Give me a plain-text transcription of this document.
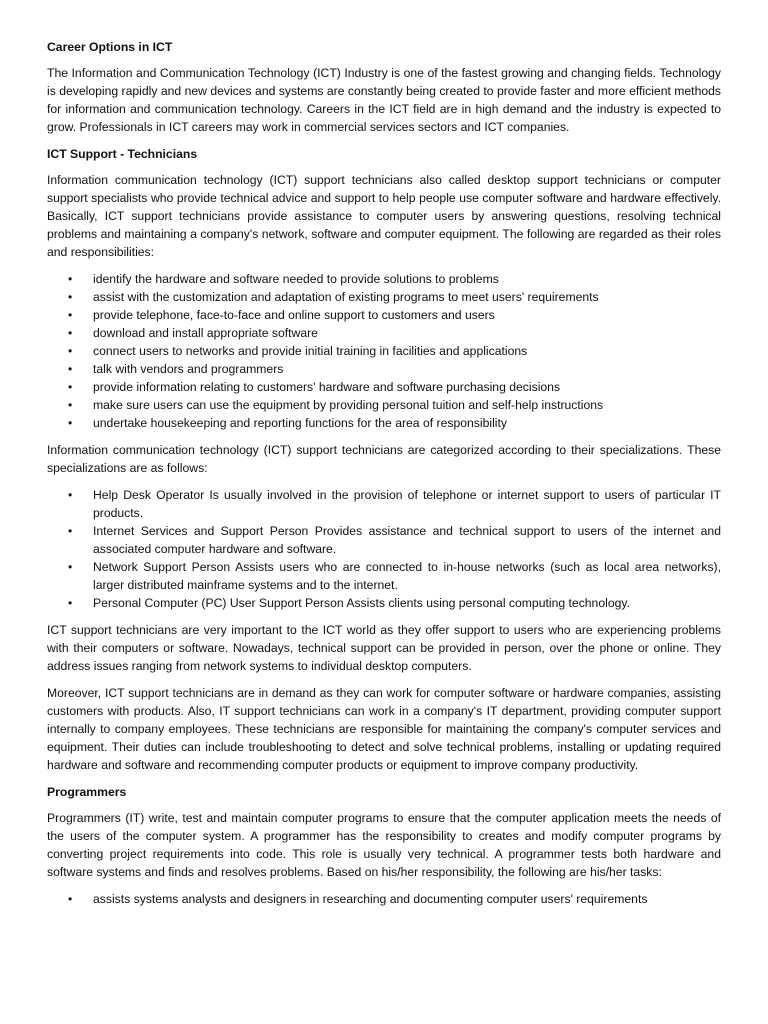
Career Options in ICT

The Information and Communication Technology (ICT) Industry is one of the fastest growing and changing fields. Technology is developing rapidly and new devices and systems are constantly being created to provide faster and more efficient methods for information and communication technology. Careers in the ICT field are in high demand and the industry is expected to grow. Professionals in ICT careers may work in commercial services sectors and ICT companies.

ICT Support - Technicians

Information communication technology (ICT) support technicians also called desktop support technicians or computer support specialists who provide technical advice and support to help people use computer software and hardware effectively. Basically, ICT support technicians provide assistance to computer users by answering questions, resolving technical problems and maintaining a company's network, software and computer equipment. The following are regarded as their roles and responsibilities:

• identify the hardware and software needed to provide solutions to problems
• assist with the customization and adaptation of existing programs to meet users' requirements
• provide telephone, face-to-face and online support to customers and users
• download and install appropriate software
• connect users to networks and provide initial training in facilities and applications
• talk with vendors and programmers
• provide information relating to customers' hardware and software purchasing decisions
• make sure users can use the equipment by providing personal tuition and self-help instructions
• undertake housekeeping and reporting functions for the area of responsibility

Information communication technology (ICT) support technicians are categorized according to their specializations. These specializations are as follows:

• Help Desk Operator Is usually involved in the provision of telephone or internet support to users of particular IT products.
• Internet Services and Support Person Provides assistance and technical support to users of the internet and associated computer hardware and software.
• Network Support Person Assists users who are connected to in-house networks (such as local area networks), larger distributed mainframe systems and to the internet.
• Personal Computer (PC) User Support Person Assists clients using personal computing technology.

ICT support technicians are very important to the ICT world as they offer support to users who are experiencing problems with their computers or software. Nowadays, technical support can be provided in person, over the phone or online. They address issues ranging from network systems to individual desktop computers.

Moreover, ICT support technicians are in demand as they can work for computer software or hardware companies, assisting customers with products. Also, IT support technicians can work in a company's IT department, providing computer support internally to company employees. These technicians are responsible for maintaining the company's computer services and equipment. Their duties can include troubleshooting to detect and solve technical problems, installing or updating required hardware and software and recommending computer products or equipment to improve company productivity.

Programmers

Programmers (IT) write, test and maintain computer programs to ensure that the computer application meets the needs of the users of the computer system. A programmer has the responsibility to creates and modify computer programs by converting project requirements into code. This role is usually very technical. A programmer tests both hardware and software systems and finds and resolves problems. Based on his/her responsibility, the following are his/her tasks:

• assists systems analysts and designers in researching and documenting computer users' requirements
